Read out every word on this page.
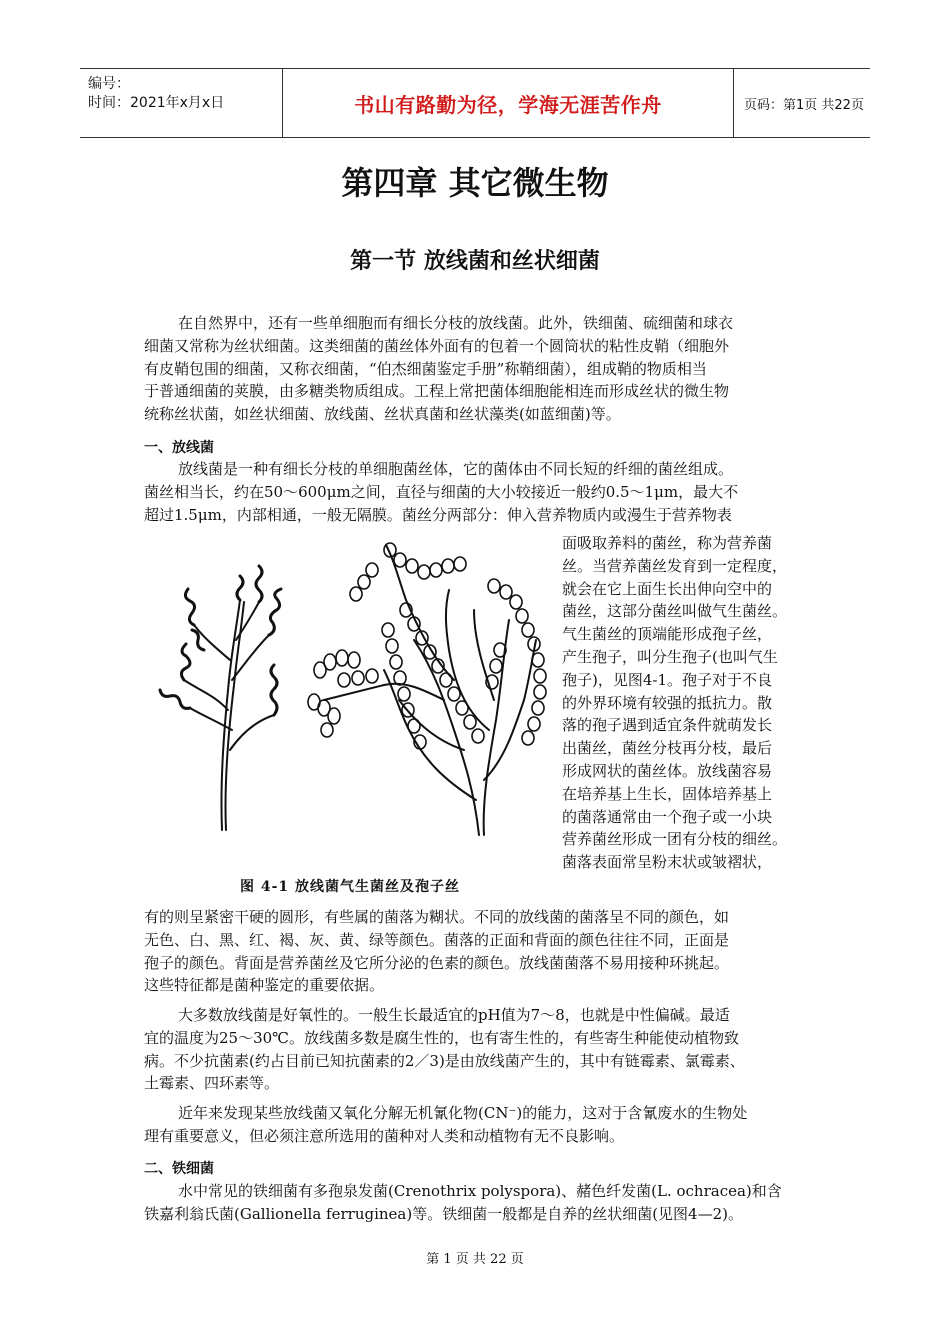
编号：
时间：2021年x月x日	书山有路勤为径，学海无涯苦作舟	页码：第1页 共22页
第四章 其它微生物
第一节 放线菌和丝状细菌
在自然界中，还有一些单细胞而有细长分枝的放线菌。此外，铁细菌、硫细菌和球衣
细菌又常称为丝状细菌。这类细菌的菌丝体外面有的包着一个圆筒状的粘性皮鞘（细胞外
有皮鞘包围的细菌，又称衣细菌，“伯杰细菌鉴定手册”称鞘细菌），组成鞘的物质相当
于普通细菌的荚膜，由多糖类物质组成。工程上常把菌体细胞能相连而形成丝状的微生物
统称丝状菌，如丝状细菌、放线菌、丝状真菌和丝状藻类(如蓝细菌)等。
一、放线菌
放线菌是一种有细长分枝的单细胞菌丝体，它的菌体由不同长短的纤细的菌丝组成。
菌丝相当长，约在50～600μm之间，直径与细菌的大小较接近一般约0.5～1μm，最大不
超过1.5μm，内部相通，一般无隔膜。菌丝分两部分：伸入营养物质内或漫生于营养物表
面吸取养料的菌丝，称为营养菌
丝。当营养菌丝发育到一定程度，
就会在它上面生长出伸向空中的
菌丝，这部分菌丝叫做气生菌丝。
气生菌丝的顶端能形成孢子丝，
产生孢子，叫分生孢子(也叫气生
孢子)，见图4-1。孢子对于不良
的外界环境有较强的抵抗力。散
落的孢子遇到适宜条件就萌发长
出菌丝，菌丝分枝再分枝，最后
形成网状的菌丝体。放线菌容易
在培养基上生长，固体培养基上
的菌落通常由一个孢子或一小块
营养菌丝形成一团有分枝的细丝。
菌落表面常呈粉末状或皱褶状，
有的则呈紧密干硬的圆形，有些属的菌落为糊状。不同的放线菌的菌落呈不同的颜色，如
无色、白、黑、红、褐、灰、黄、绿等颜色。菌落的正面和背面的颜色往往不同，正面是
孢子的颜色。背面是营养菌丝及它所分泌的色素的颜色。放线菌菌落不易用接种环挑起。
这些特征都是菌种鉴定的重要依据。
大多数放线菌是好氧性的。一般生长最适宜的pH值为7～8，也就是中性偏碱。最适
宜的温度为25～30℃。放线菌多数是腐生性的，也有寄生性的，有些寄生种能使动植物致
病。不少抗菌素(约占目前已知抗菌素的2／3)是由放线菌产生的，其中有链霉素、氯霉素、
土霉素、四环素等。
近年来发现某些放线菌又氧化分解无机氰化物(CN⁻)的能力，这对于含氰废水的生物处
理有重要意义，但必须注意所选用的菌种对人类和动植物有无不良影响。
二、铁细菌
水中常见的铁细菌有多孢泉发菌(Crenothrix polyspora)、赭色纤发菌(L. ochracea)和含
铁嘉利翁氏菌(Gallionella ferruginea)等。铁细菌一般都是自养的丝状细菌(见图4—2)。
图 4-1 放线菌气生菌丝及孢子丝
第 1 页 共 22 页
